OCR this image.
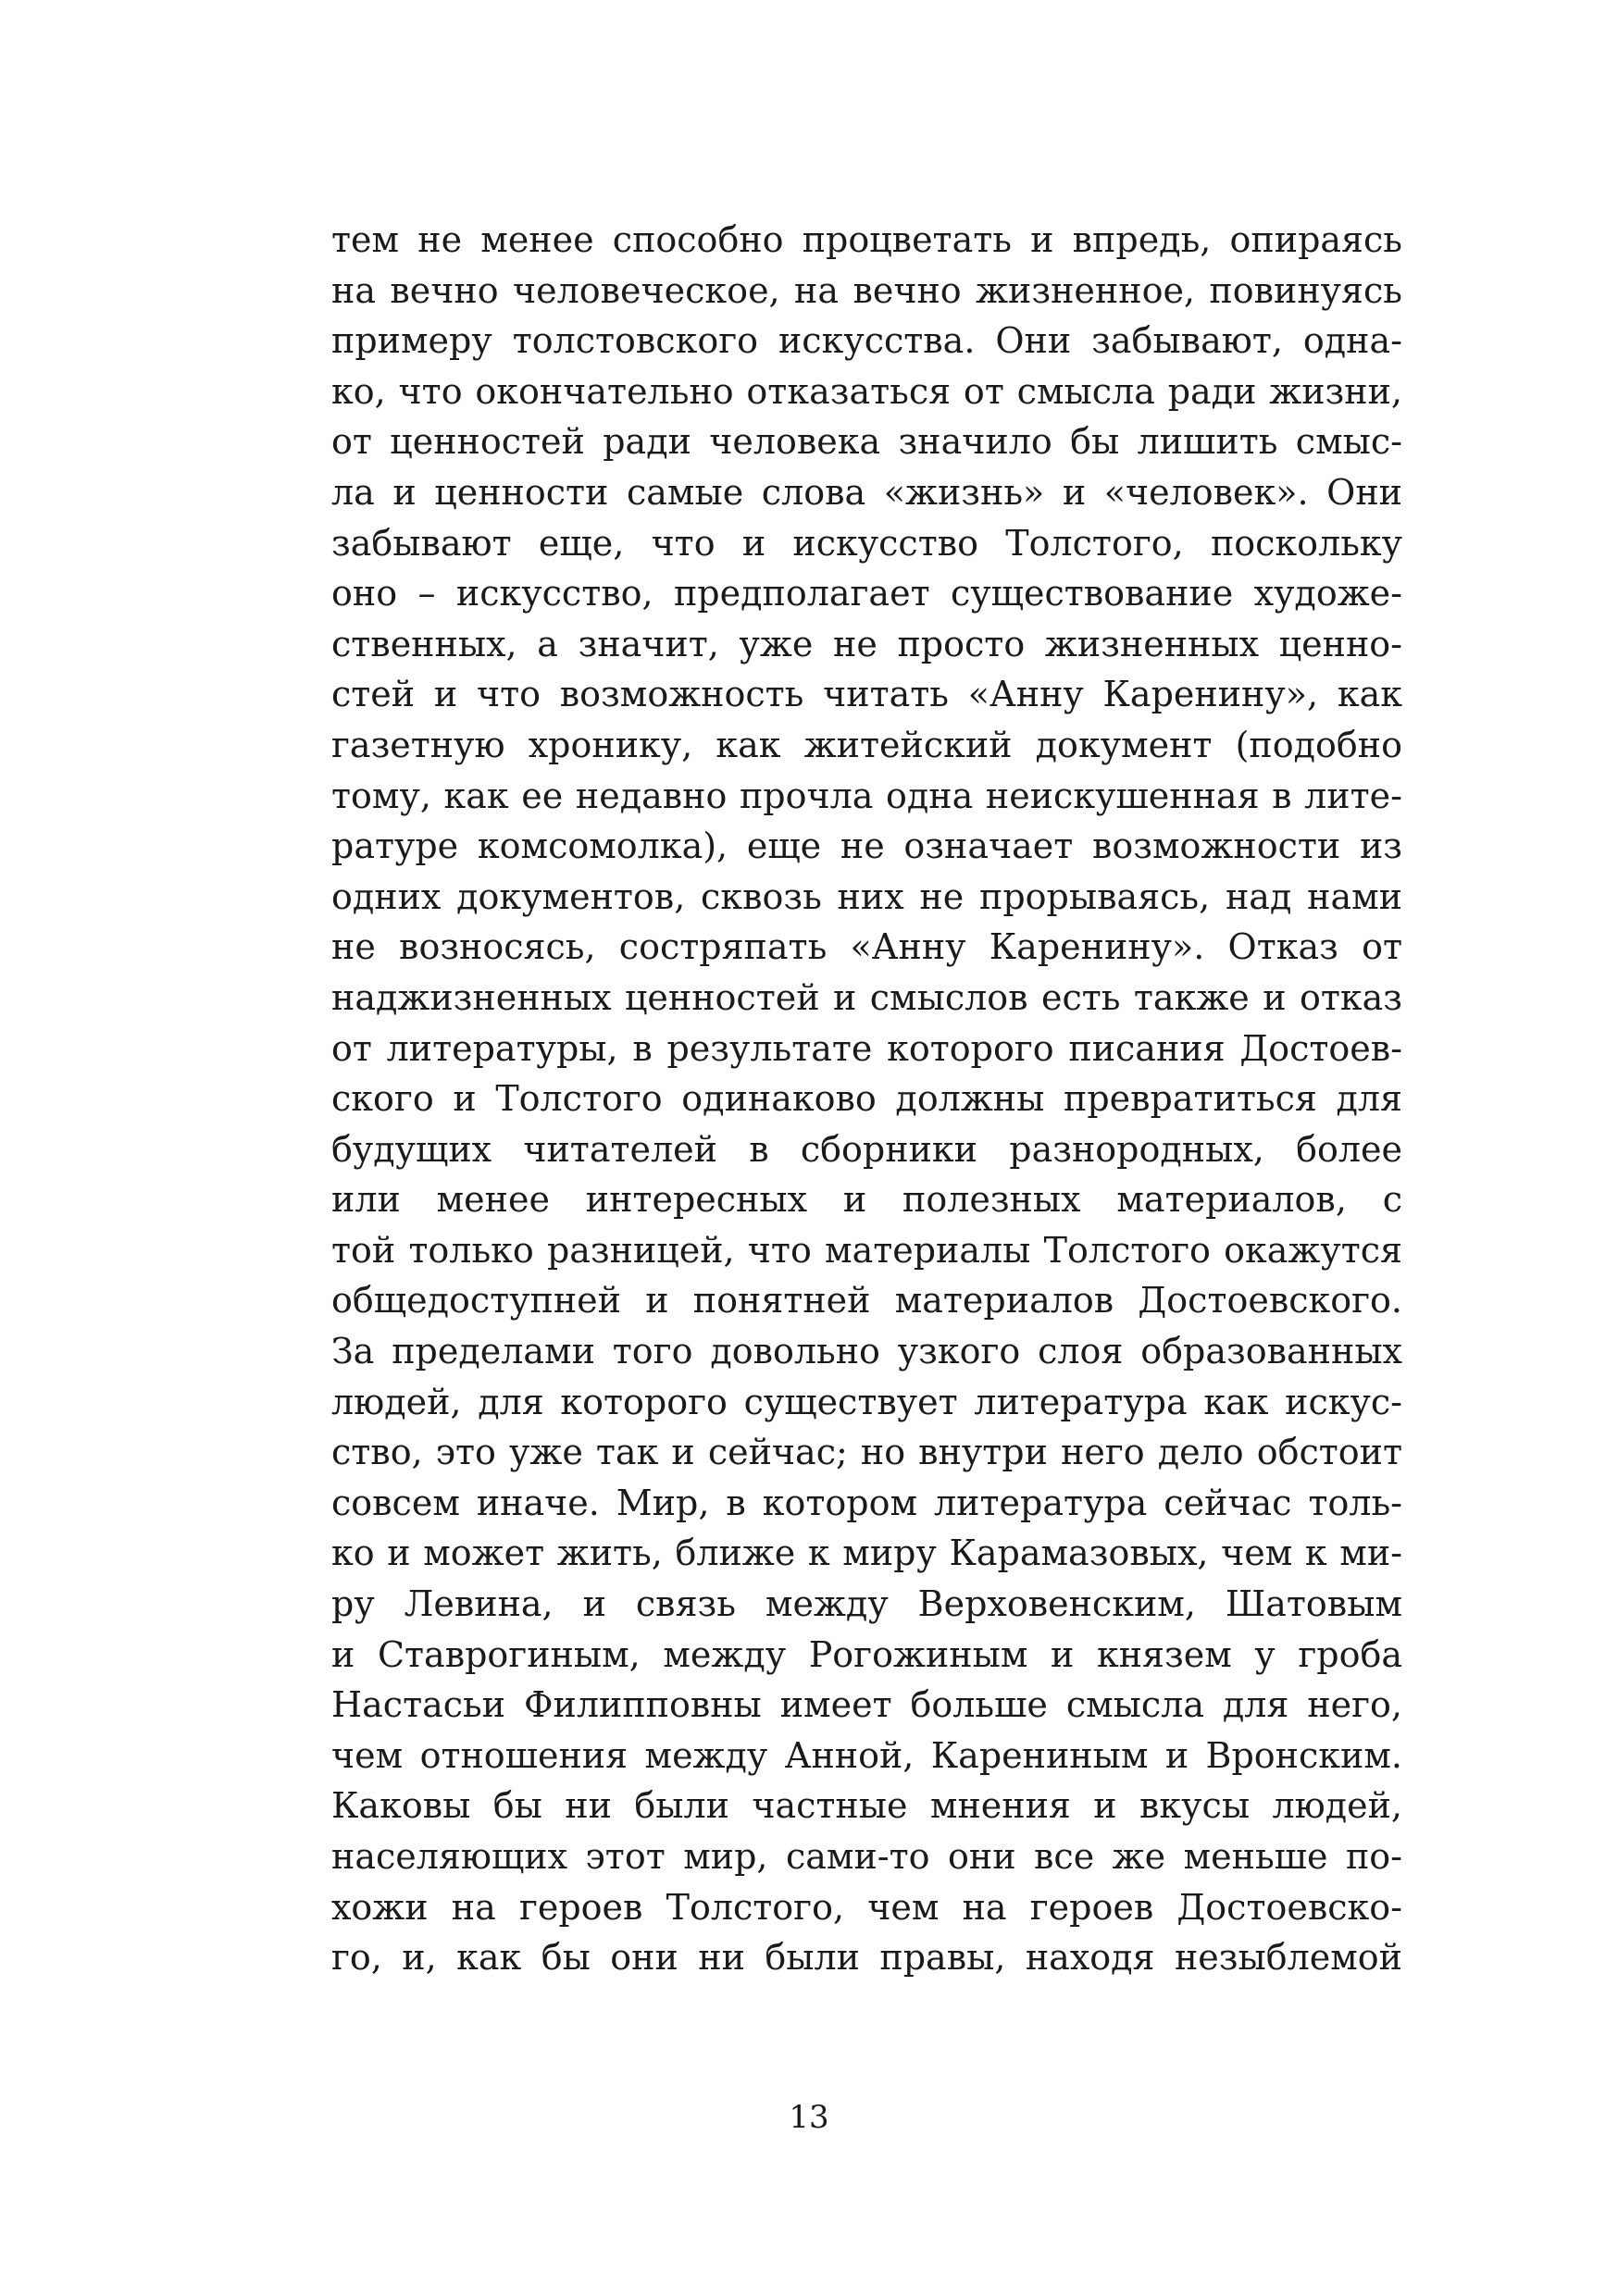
тем не менее способно процветать и впредь, опираясь
на вечно человеческое, на вечно жизненное, повинуясь
примеру толстовского искусства. Они забывают, одна-
ко, что окончательно отказаться от смысла ради жизни,
от ценностей ради человека значило бы лишить смыс-
ла и ценности самые слова «жизнь» и «человек». Они
забывают еще, что и искусство Толстого, поскольку
оно – искусство, предполагает существование художе-
ственных, а значит, уже не просто жизненных ценно-
стей и что возможность читать «Анну Каренину», как
газетную хронику, как житейский документ (подобно
тому, как ее недавно прочла одна неискушенная в лите-
ратуре комсомолка), еще не означает возможности из
одних документов, сквозь них не прорываясь, над нами
не возносясь, состряпать «Анну Каренину». Отказ от
наджизненных ценностей и смыслов есть также и отказ
от литературы, в результате которого писания Достоев-
ского и Толстого одинаково должны превратиться для
будущих читателей в сборники разнородных, более
или менее интересных и полезных материалов, с
той только разницей, что материалы Толстого окажутся
общедоступней и понятней материалов Достоевского.
За пределами того довольно узкого слоя образованных
людей, для которого существует литература как искус-
ство, это уже так и сейчас; но внутри него дело обстоит
совсем иначе. Мир, в котором литература сейчас толь-
ко и может жить, ближе к миру Карамазовых, чем к ми-
ру Левина, и связь между Верховенским, Шатовым
и Ставрогиным, между Рогожиным и князем у гроба
Настасьи Филипповны имеет больше смысла для него,
чем отношения между Анной, Карениным и Вронским.
Каковы бы ни были частные мнения и вкусы людей,
населяющих этот мир, сами-то они все же меньше по-
хожи на героев Толстого, чем на героев Достоевско-
го, и, как бы они ни были правы, находя незыблемой
13
